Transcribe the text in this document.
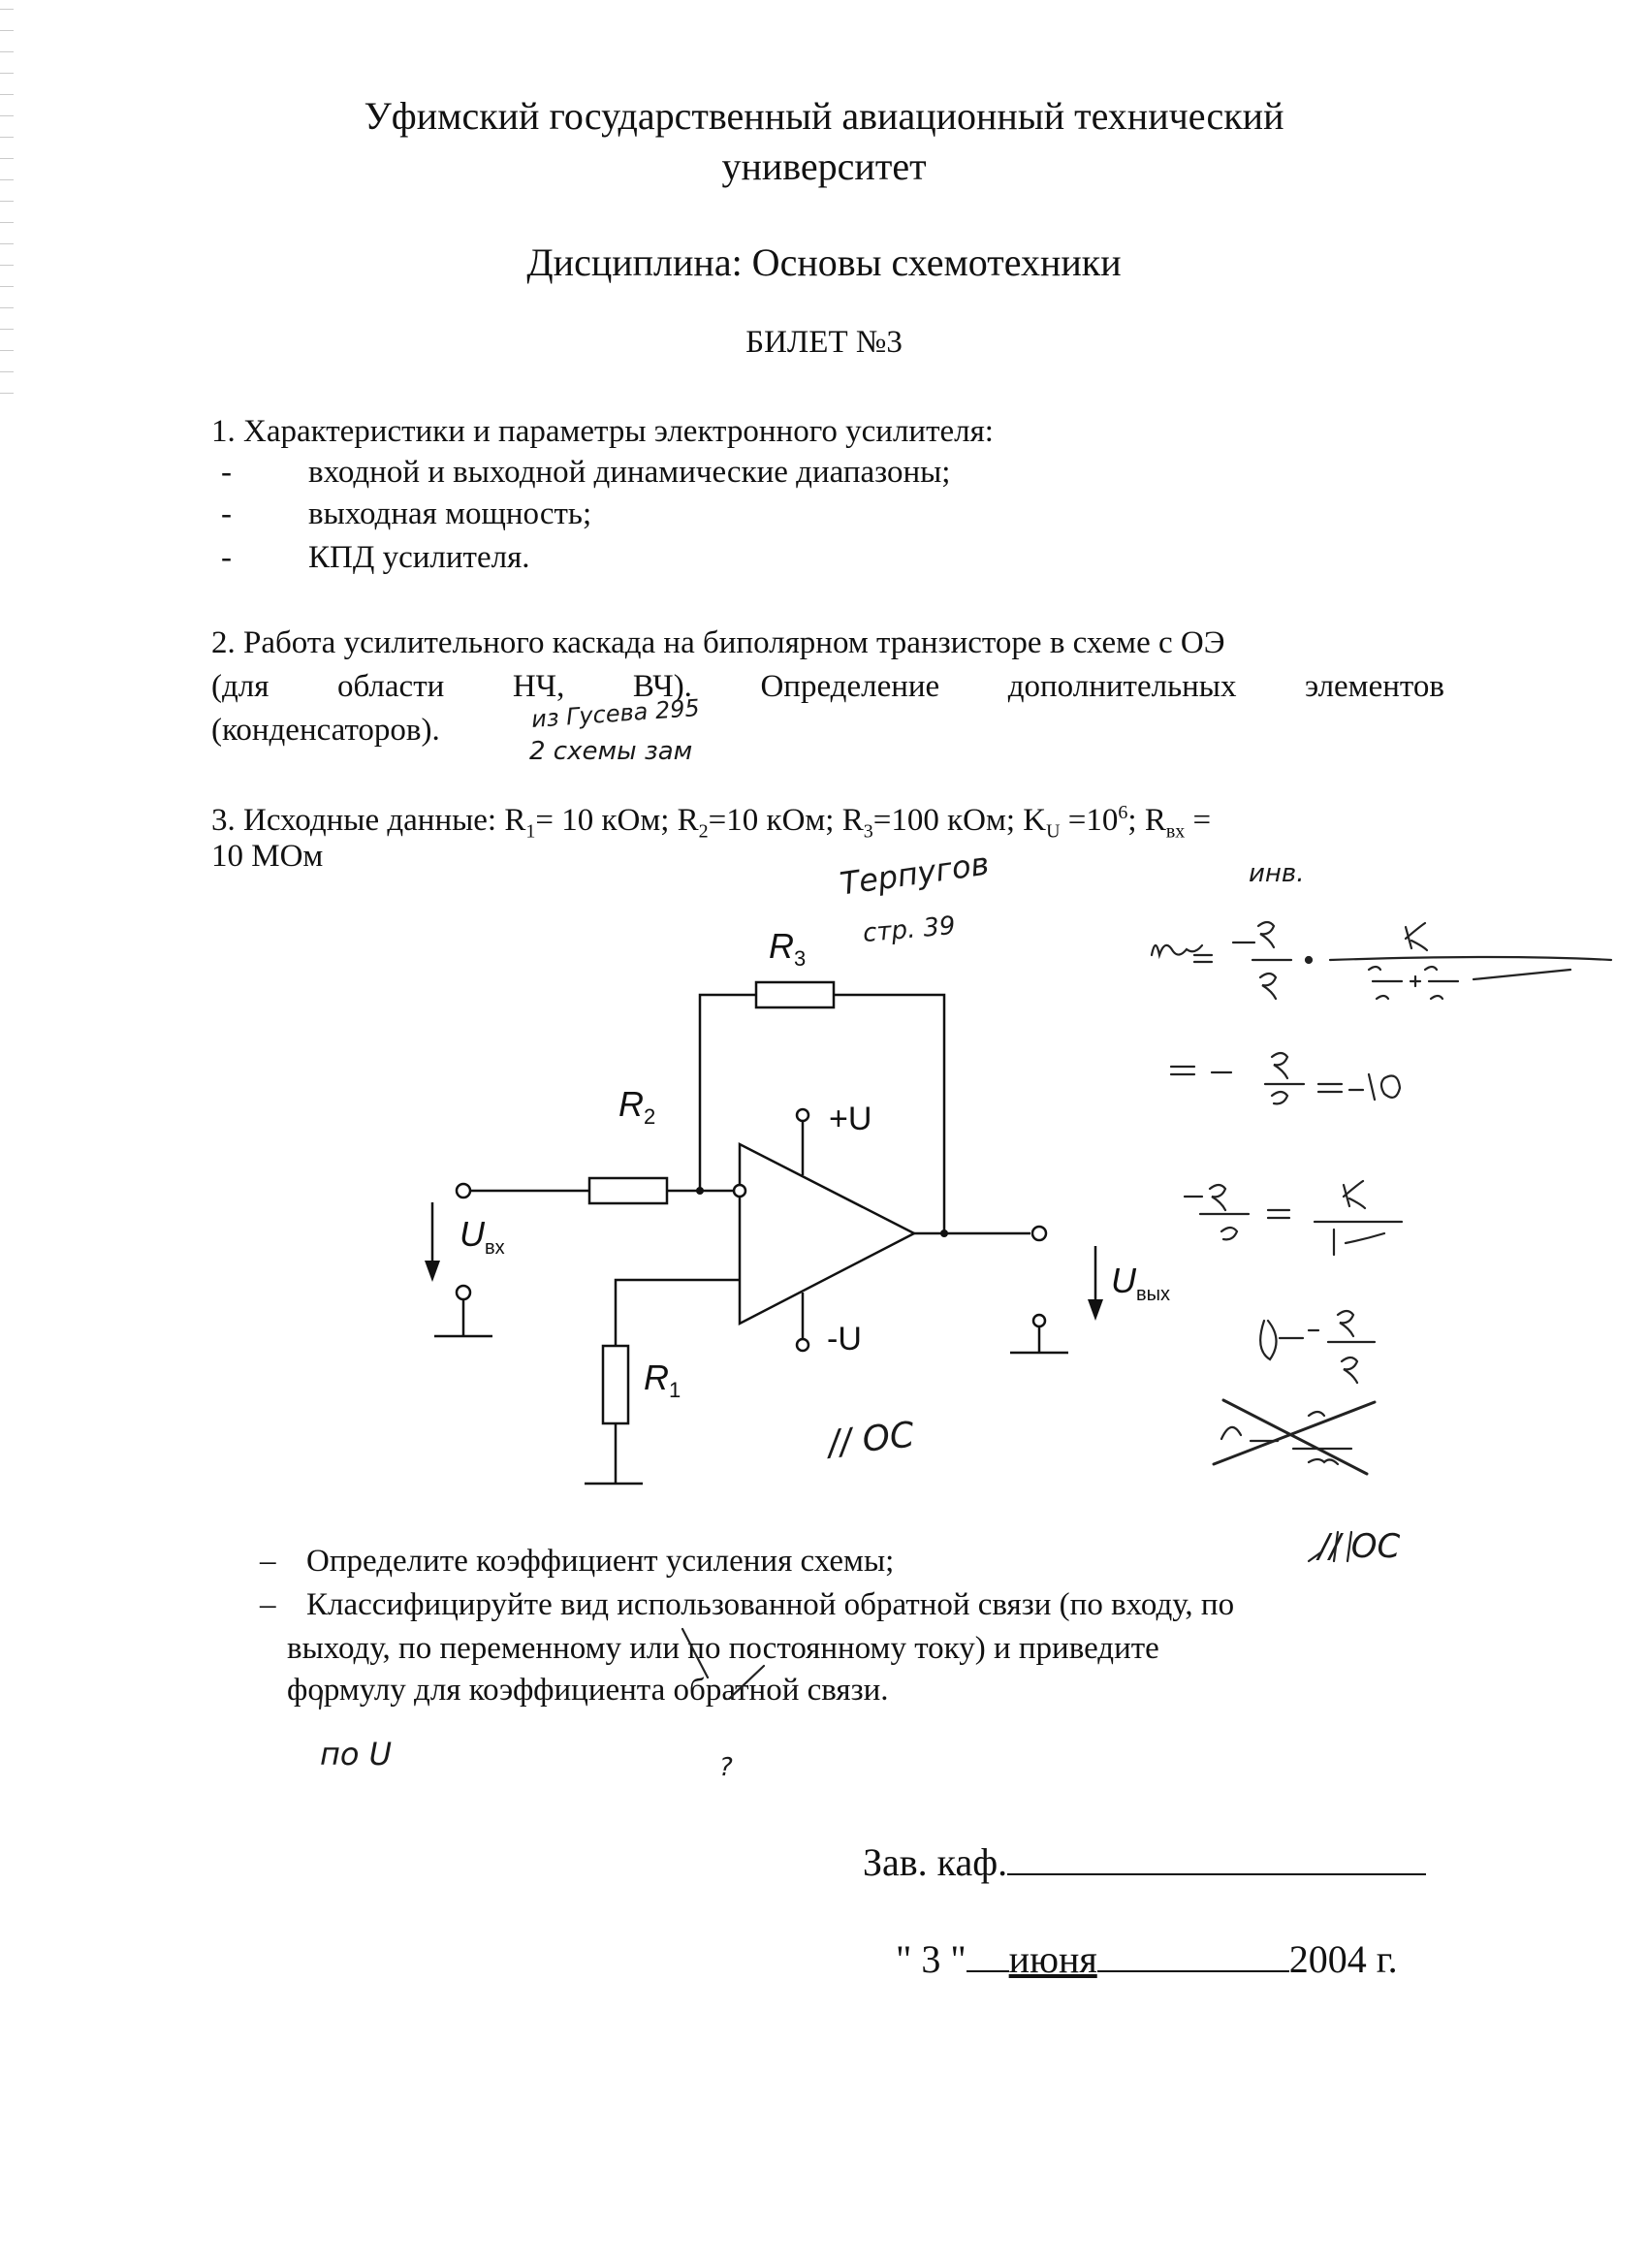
Уфимский государственный авиационный технический
университет
Дисциплина: Основы схемотехники
БИЛЕТ №3
1. Характеристики и параметры электронного усилителя:
- входной и выходной динамические диапазоны;
- выходная мощность;
- КПД усилителя.
2. Работа усилительного каскада на биполярном транзисторе в схеме с ОЭ
(для области НЧ, ВЧ). Определение дополнительных элементов
(конденсаторов).
3. Исходные данные: $R_1= 10$ кОм; $R_2=10$ кОм; $R_3=100$ кОм; $K_U =10^6$; $R_{вх}$ =
10 МОм
$R_3$
$R_2$
$R_1$
+U
-U
$U_{вх}$
$U_{вых}$
– Определите коэффициент усиления схемы;
– Классифицируйте вид использованной обратной связи (по входу, по
выходу, по переменному или по постоянному току) и приведите
формулу для коэффициента обратной связи.
Зав. каф.
" 3 " июня	2004 г.
из Гусева 295
2 схемы зам
Терпугов
стр. 39
инв.
// ОС
// ОС
по U	?
